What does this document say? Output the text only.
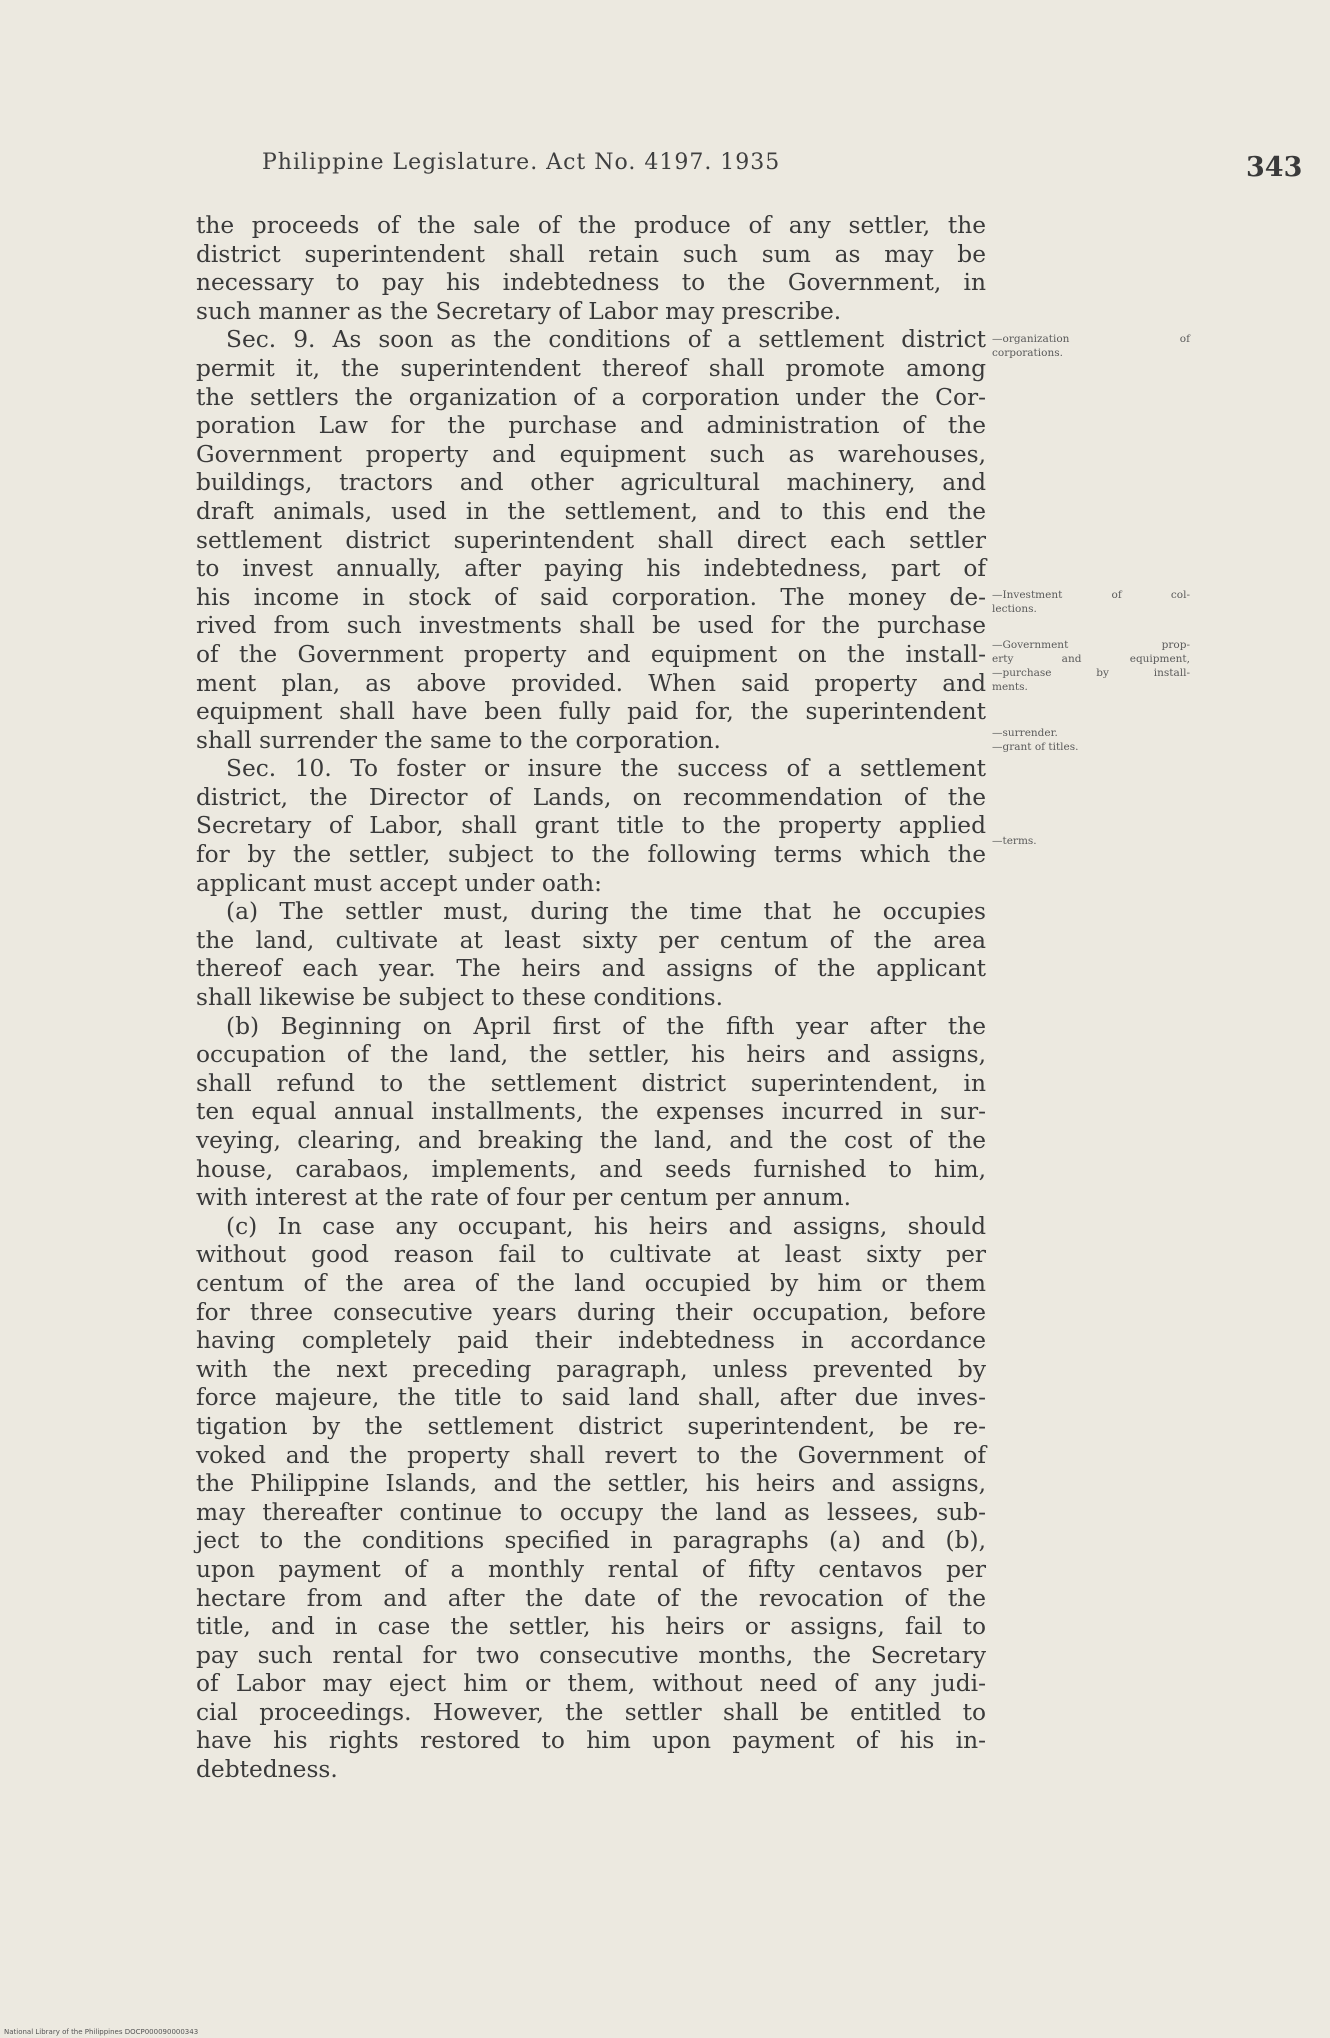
Philippine Legislature. Act No. 4197. 1935	343
the proceeds of the sale of the produce of any settler, the
district superintendent shall retain such sum as may be
necessary to pay his indebtedness to the Government, in
such manner as the Secretary of Labor may prescribe.
Sec. 9. As soon as the conditions of a settlement district
permit it, the superintendent thereof shall promote among
the settlers the organization of a corporation under the Cor-
poration Law for the purchase and administration of the
Government property and equipment such as warehouses,
buildings, tractors and other agricultural machinery, and
draft animals, used in the settlement, and to this end the
settlement district superintendent shall direct each settler
to invest annually, after paying his indebtedness, part of
his income in stock of said corporation. The money de-
rived from such investments shall be used for the purchase
of the Government property and equipment on the install-
ment plan, as above provided. When said property and
equipment shall have been fully paid for, the superintendent
shall surrender the same to the corporation.
Sec. 10. To foster or insure the success of a settlement
district, the Director of Lands, on recommendation of the
Secretary of Labor, shall grant title to the property applied
for by the settler, subject to the following terms which the
applicant must accept under oath:
(a) The settler must, during the time that he occupies
the land, cultivate at least sixty per centum of the area
thereof each year. The heirs and assigns of the applicant
shall likewise be subject to these conditions.
(b) Beginning on April first of the fifth year after the
occupation of the land, the settler, his heirs and assigns,
shall refund to the settlement district superintendent, in
ten equal annual installments, the expenses incurred in sur-
veying, clearing, and breaking the land, and the cost of the
house, carabaos, implements, and seeds furnished to him,
with interest at the rate of four per centum per annum.
(c) In case any occupant, his heirs and assigns, should
without good reason fail to cultivate at least sixty per
centum of the area of the land occupied by him or them
for three consecutive years during their occupation, before
having completely paid their indebtedness in accordance
with the next preceding paragraph, unless prevented by
force majeure, the title to said land shall, after due inves-
tigation by the settlement district superintendent, be re-
voked and the property shall revert to the Government of
the Philippine Islands, and the settler, his heirs and assigns,
may thereafter continue to occupy the land as lessees, sub-
ject to the conditions specified in paragraphs (a) and (b),
upon payment of a monthly rental of fifty centavos per
hectare from and after the date of the revocation of the
title, and in case the settler, his heirs or assigns, fail to
pay such rental for two consecutive months, the Secretary
of Labor may eject him or them, without need of any judi-
cial proceedings. However, the settler shall be entitled to
have his rights restored to him upon payment of his in-
debtedness.
—organization of
corporations.
—Investment of col-
lections.
—Government prop-
erty and equipment,
—purchase by install-
ments.
—surrender.
—grant of titles.
—terms.
National Library of the Philippines DOCP000090000343
